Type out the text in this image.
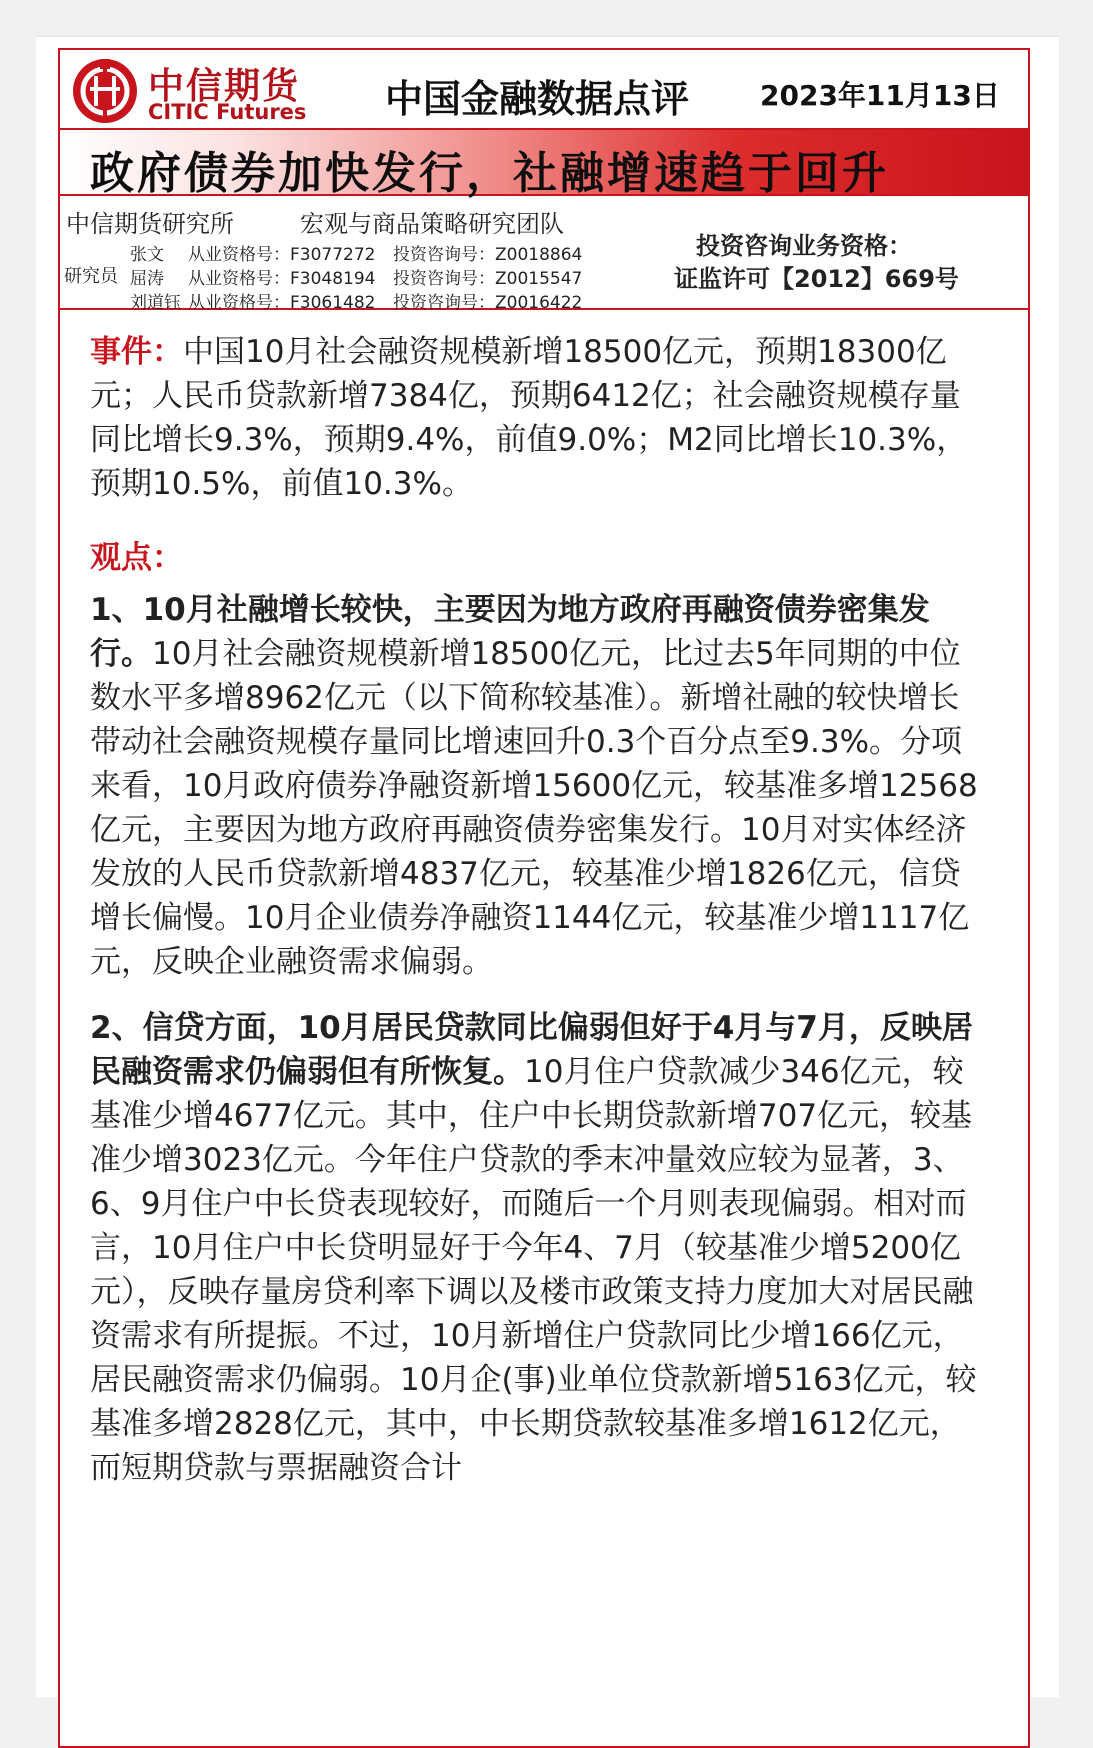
中信期货
CITIC Futures 中国金融数据点评	2023年11月13日
政府债券加快发行，社融增速趋于回升
中信期货研究所	宏观与商品策略研究团队
研究员
张文 从业资格号：F3077272 投资咨询号：Z0018864
屈涛 从业资格号：F3048194 投资咨询号：Z0015547
刘道钰 从业资格号：F3061482 投资咨询号：Z0016422
投资咨询业务资格：
证监许可【2012】669号

事件：中国10月社会融资规模新增18500亿元，预期18300亿元；人民币贷款新增7384亿，预期6412亿；社会融资规模存量同比增长9.3%，预期9.4%，前值9.0%；M2同比增长10.3%，预期10.5%，前值10.3%。

观点：

1、10月社融增长较快，主要因为地方政府再融资债券密集发行。10月社会融资规模新增18500亿元，比过去5年同期的中位数水平多增8962亿元（以下简称较基准）。新增社融的较快增长带动社会融资规模存量同比增速回升0.3个百分点至9.3%。分项来看，10月政府债券净融资新增15600亿元，较基准多增12568亿元，主要因为地方政府再融资债券密集发行。10月对实体经济发放的人民币贷款新增4837亿元，较基准少增1826亿元，信贷增长偏慢。10月企业债券净融资1144亿元，较基准少增1117亿元，反映企业融资需求偏弱。

2、信贷方面，10月居民贷款同比偏弱但好于4月与7月，反映居民融资需求仍偏弱但有所恢复。10月住户贷款减少346亿元，较基准少增4677亿元。其中，住户中长期贷款新增707亿元，较基准少增3023亿元。今年住户贷款的季末冲量效应较为显著，3、6、9月住户中长贷表现较好，而随后一个月则表现偏弱。相对而言，10月住户中长贷明显好于今年4、7月（较基准少增5200亿元），反映存量房贷利率下调以及楼市政策支持力度加大对居民融资需求有所提振。不过，10月新增住户贷款同比少增166亿元，居民融资需求仍偏弱。10月企(事)业单位贷款新增5163亿元，较基准多增2828亿元，其中，中长期贷款较基准多增1612亿元，而短期贷款与票据融资合计
